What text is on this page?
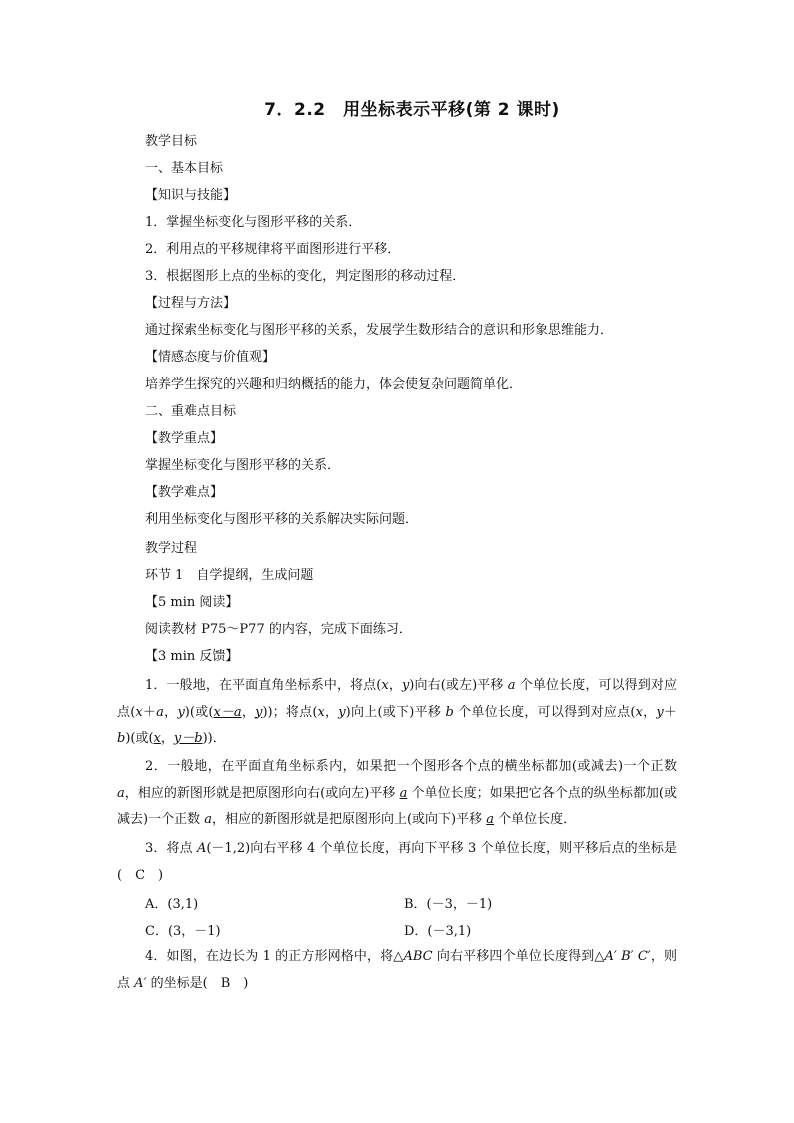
7．2.2　用坐标表示平移(第 2 课时)
教学目标
一、基本目标
【知识与技能】
1．掌握坐标变化与图形平移的关系．
2．利用点的平移规律将平面图形进行平移．
3．根据图形上点的坐标的变化，判定图形的移动过程．
【过程与方法】
通过探索坐标变化与图形平移的关系，发展学生数形结合的意识和形象思维能力．
【情感态度与价值观】
培养学生探究的兴趣和归纳概括的能力，体会使复杂问题简单化．
二、重难点目标
【教学重点】
掌握坐标变化与图形平移的关系．
【教学难点】
利用坐标变化与图形平移的关系解决实际问题．
教学过程
环节 1　自学提纲，生成问题
【5 min 阅读】
阅读教材 P75～P77 的内容，完成下面练习．
【3 min 反馈】
1．一般地，在平面直角坐标系中，将点(x，y)向右(或左)平移 a 个单位长度，可以得到对应点(x＋a，y)(或(x－a，y))；将点(x，y)向上(或下)平移 b 个单位长度，可以得到对应点(x，y＋b)(或(x，y－b))．
2．一般地，在平面直角坐标系内，如果把一个图形各个点的横坐标都加(或减去)一个正数 a，相应的新图形就是把原图形向右(或向左)平移 a 个单位长度；如果把它各个点的纵坐标都加(或减去)一个正数 a，相应的新图形就是把原图形向上(或向下)平移 a 个单位长度．
3．将点 A(－1,2)向右平移 4 个单位长度，再向下平移 3 个单位长度，则平移后点的坐标是(　C　)
A．(3,1)	B．(－3，－1)
C．(3，－1)	D．(－3,1)
4．如图，在边长为 1 的正方形网格中，将△ABC 向右平移四个单位长度得到△A′ B′ C′，则点 A′ 的坐标是(　B　)
